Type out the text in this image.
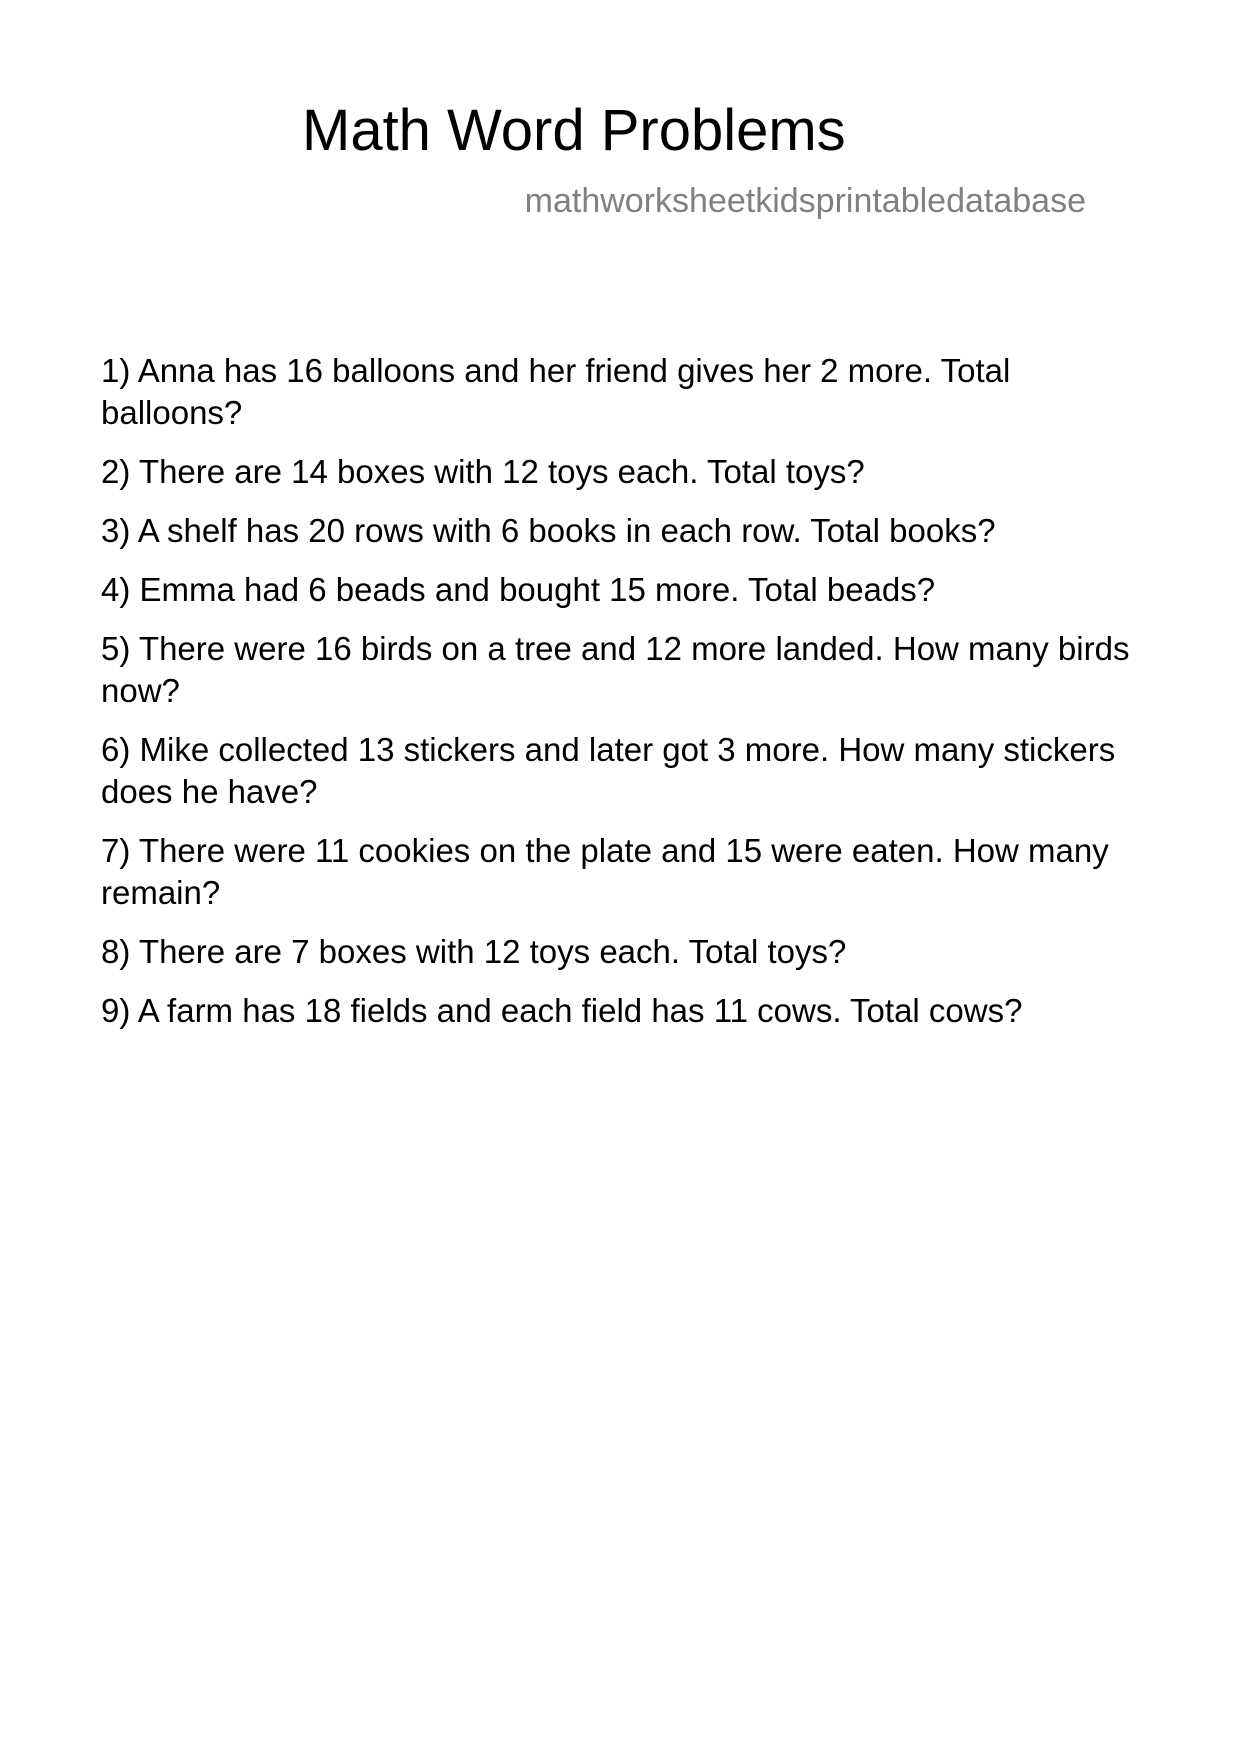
Math Word Problems
mathworksheetkidsprintabledatabase
1) Anna has 16 balloons and her friend gives her 2 more. Total balloons?
2) There are 14 boxes with 12 toys each. Total toys?
3) A shelf has 20 rows with 6 books in each row. Total books?
4) Emma had 6 beads and bought 15 more. Total beads?
5) There were 16 birds on a tree and 12 more landed. How many birds now?
6) Mike collected 13 stickers and later got 3 more. How many stickers does he have?
7) There were 11 cookies on the plate and 15 were eaten. How many remain?
8) There are 7 boxes with 12 toys each. Total toys?
9) A farm has 18 fields and each field has 11 cows. Total cows?
